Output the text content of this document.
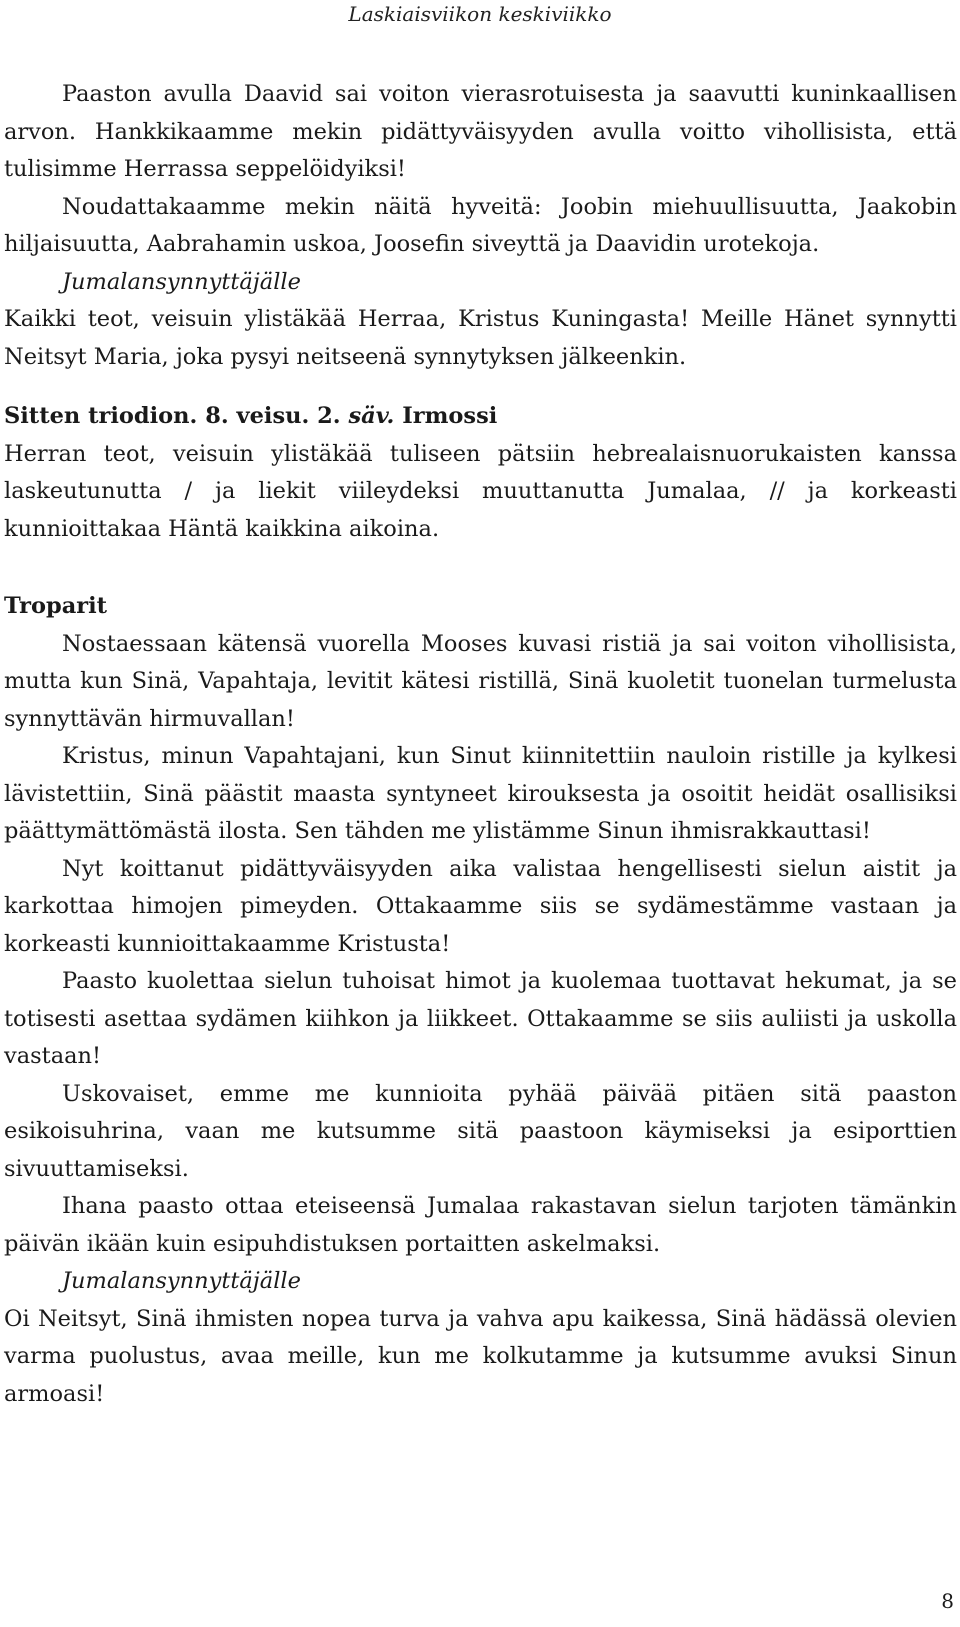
Laskiaisviikon keskiviikko

Paaston avulla Daavid sai voiton vierasrotuisesta ja saavutti kuninkaallisen arvon. Hankkikaamme mekin pidättyväisyyden avulla voitto vihollisista, että tulisimme Herrassa seppelöidyiksi!

Noudattakaamme mekin näitä hyveitä: Joobin miehuullisuutta, Jaakobin hiljaisuutta, Aabrahamin uskoa, Joosefin siveyttä ja Daavidin urotekoja.

Jumalansynnyttäjälle

Kaikki teot, veisuin ylistäkää Herraa, Kristus Kuningasta! Meille Hänet synnytti Neitsyt Maria, joka pysyi neitseenä synnytyksen jälkeenkin.

Sitten triodion. 8. veisu. 2. säv. Irmossi

Herran teot, veisuin ylistäkää tuliseen pätsiin hebrealaisnuorukaisten kanssa laskeutunutta / ja liekit viileydeksi muuttanutta Jumalaa, // ja korkeasti kunnioittakaa Häntä kaikkina aikoina.

Troparit

Nostaessaan kätensä vuorella Mooses kuvasi ristiä ja sai voiton vihollisista, mutta kun Sinä, Vapahtaja, levitit kätesi ristillä, Sinä kuoletit tuonelan turmelusta synnyttävän hirmuvallan!

Kristus, minun Vapahtajani, kun Sinut kiinnitettiin nauloin ristille ja kylkesi lävistettiin, Sinä päästit maasta syntyneet kirouksesta ja osoitit heidät osallisiksi päättymättömästä ilosta. Sen tähden me ylistämme Sinun ihmisrakkauttasi!

Nyt koittanut pidättyväisyyden aika valistaa hengellisesti sielun aistit ja karkottaa himojen pimeyden. Ottakaamme siis se sydämestämme vastaan ja korkeasti kunnioittakaamme Kristusta!

Paasto kuolettaa sielun tuhoisat himot ja kuolemaa tuottavat hekumat, ja se totisesti asettaa sydämen kiihkon ja liikkeet. Ottakaamme se siis auliisti ja uskolla vastaan!

Uskovaiset, emme me kunnioita pyhää päivää pitäen sitä paaston esikoisuhrina, vaan me kutsumme sitä paastoon käymiseksi ja esiporttien sivuuttamiseksi.

Ihana paasto ottaa eteiseensä Jumalaa rakastavan sielun tarjoten tämänkin päivän ikään kuin esipuhdistuksen portaitten askelmaksi.

Jumalansynnyttäjälle

Oi Neitsyt, Sinä ihmisten nopea turva ja vahva apu kaikessa, Sinä hädässä olevien varma puolustus, avaa meille, kun me kolkutamme ja kutsumme avuksi Sinun armoasi!

8
